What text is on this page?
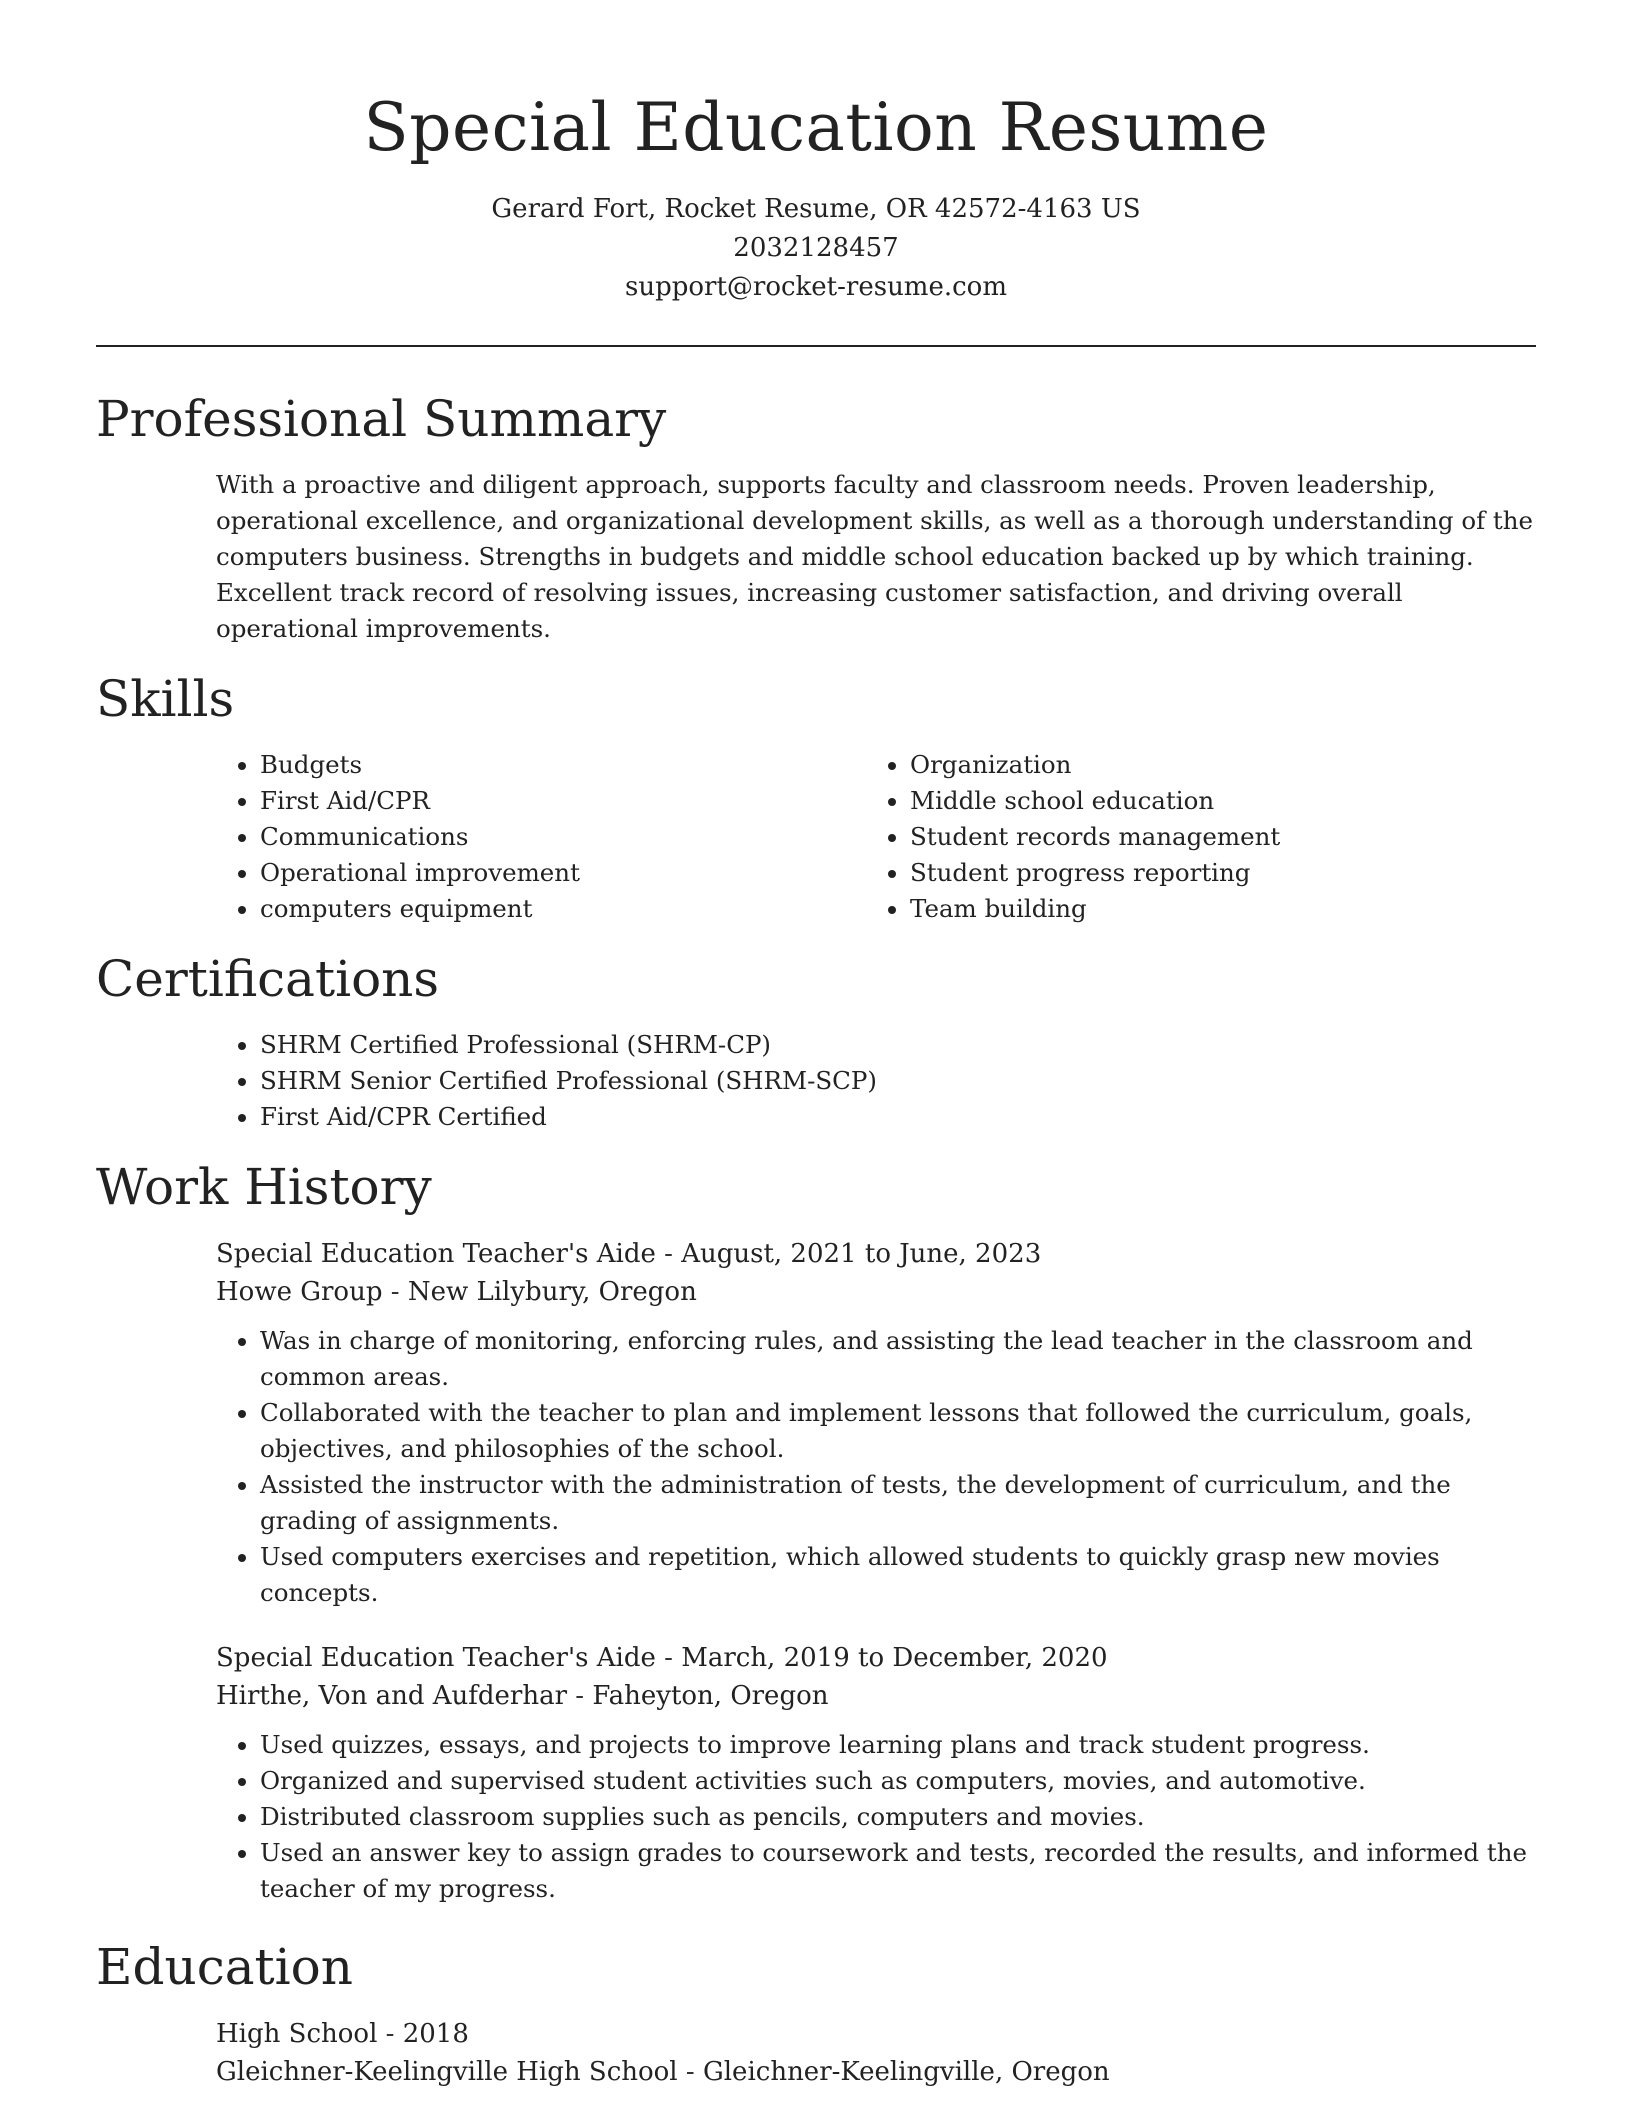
Special Education Resume

Gerard Fort, Rocket Resume, OR 42572-4163 US

2032128457

support@rocket-resume.com

Professional Summary

With a proactive and diligent approach, supports faculty and classroom needs. Proven leadership, operational excellence, and organizational development skills, as well as a thorough understanding of the computers business. Strengths in budgets and middle school education backed up by which training. Excellent track record of resolving issues, increasing customer satisfaction, and driving overall operational improvements.

Skills
• Budgets
• First Aid/CPR
• Communications
• Operational improvement
• computers equipment
• Organization
• Middle school education
• Student records management
• Student progress reporting
• Team building
Certifications
• SHRM Certified Professional (SHRM-CP)
• SHRM Senior Certified Professional (SHRM-SCP)
• First Aid/CPR Certified
Work History

Special Education Teacher's Aide - August, 2021 to June, 2023

Howe Group - New Lilybury, Oregon

• Was in charge of monitoring, enforcing rules, and assisting the lead teacher in the classroom and common areas.
• Collaborated with the teacher to plan and implement lessons that followed the curriculum, goals, objectives, and philosophies of the school.
• Assisted the instructor with the administration of tests, the development of curriculum, and the grading of assignments.
• Used computers exercises and repetition, which allowed students to quickly grasp new movies concepts.

Special Education Teacher's Aide - March, 2019 to December, 2020

Hirthe, Von and Aufderhar - Faheyton, Oregon

• Used quizzes, essays, and projects to improve learning plans and track student progress.
• Organized and supervised student activities such as computers, movies, and automotive.
• Distributed classroom supplies such as pencils, computers and movies.
• Used an answer key to assign grades to coursework and tests, recorded the results, and informed the teacher of my progress.
Education

High School - 2018

Gleichner-Keelingville High School - Gleichner-Keelingville, Oregon
